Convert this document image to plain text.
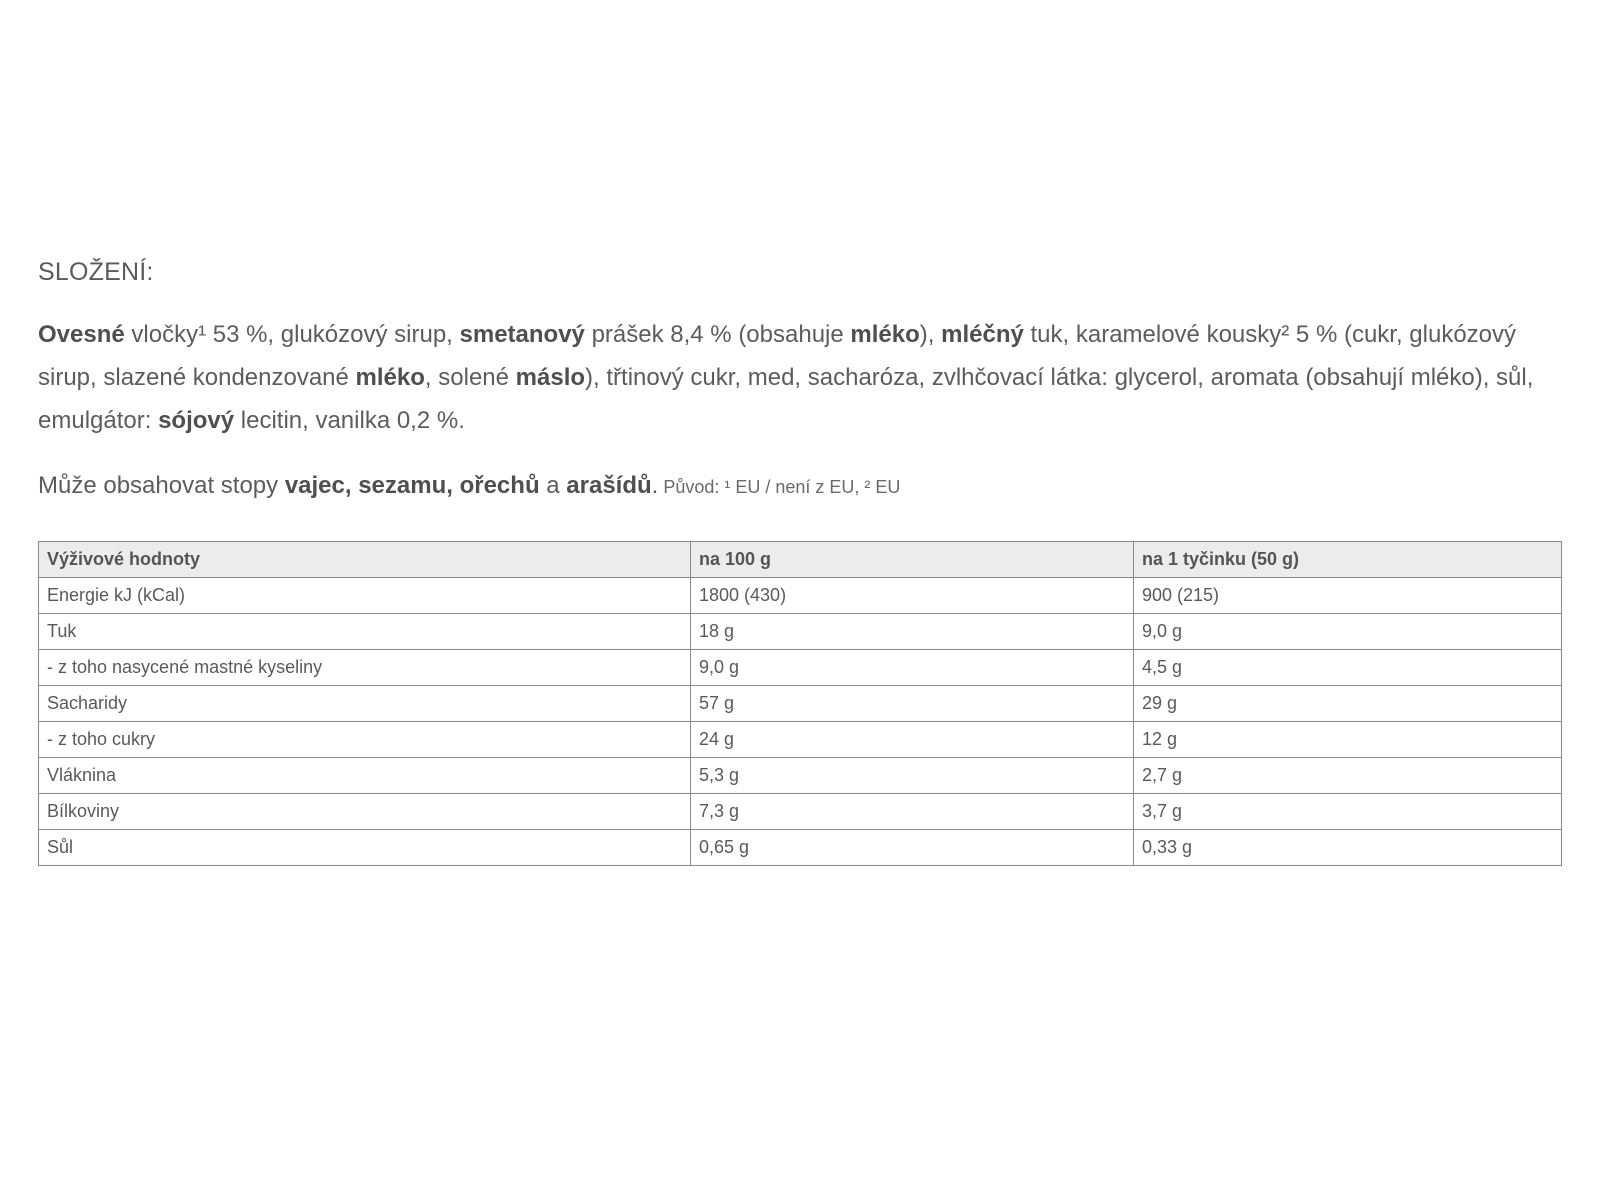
SLOŽENÍ:

Ovesné vločky¹ 53 %, glukózový sirup, smetanový prášek 8,4 % (obsahuje mléko), mléčný tuk, karamelové kousky² 5 % (cukr, glukózový sirup, slazené kondenzované mléko, solené máslo), třtinový cukr, med, sacharóza, zvlhčovací látka: glycerol, aromata (obsahují mléko), sůl, emulgátor: sójový lecitin, vanilka 0,2 %.

Může obsahovat stopy vajec, sezamu, ořechů a arašídů. Původ: ¹ EU / není z EU, ² EU

Výživové hodnoty	na 100 g	na 1 tyčinku (50 g)
Energie kJ (kCal)	1800 (430)	900 (215)
Tuk	18 g	9,0 g
- z toho nasycené mastné kyseliny	9,0 g	4,5 g
Sacharidy	57 g	29 g
- z toho cukry	24 g	12 g
Vláknina	5,3 g	2,7 g
Bílkoviny	7,3 g	3,7 g
Sůl	0,65 g	0,33 g
